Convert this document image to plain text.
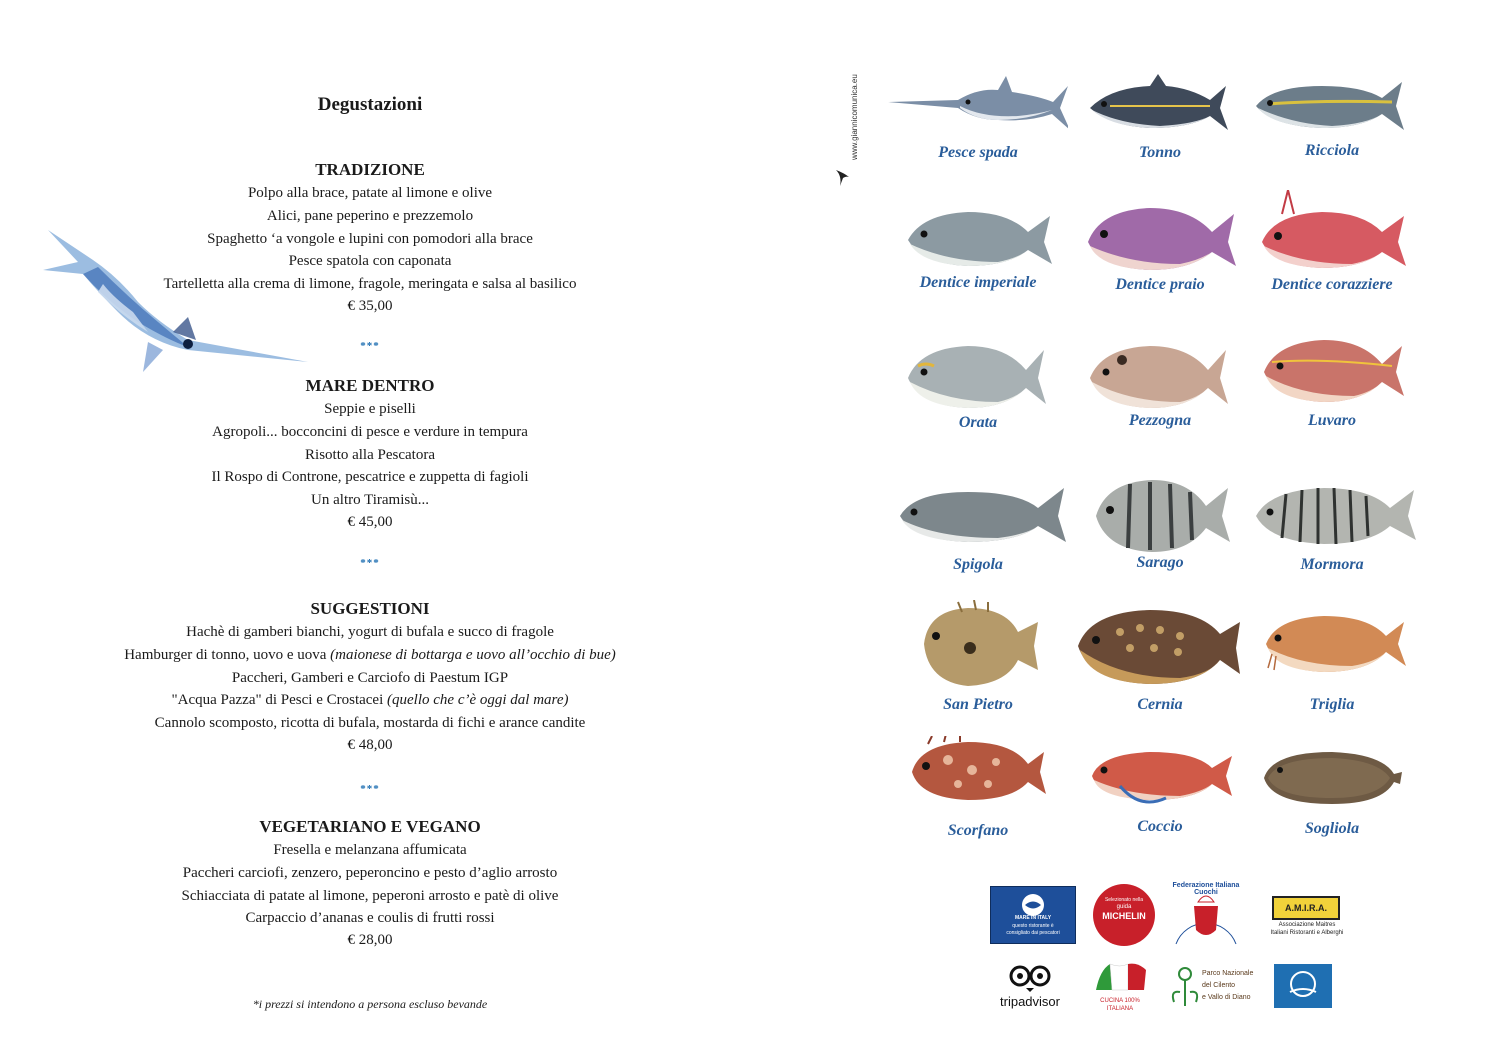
Degustazioni
TRADIZIONE
Polpo alla brace, patate al limone e olive
Alici, pane peperino e prezzemolo
Spaghetto ‘a vongole e lupini con pomodori alla brace
Pesce spatola con caponata
Tartelletta alla crema di limone, fragole, meringata e salsa al basilico
€ 35,00
***
MARE DENTRO
Seppie e piselli
Agropoli... bocconcini di pesce e verdure in tempura
Risotto alla Pescatora
Il Rospo di Controne, pescatrice e zuppetta di fagioli
Un altro Tiramisù...
€ 45,00
***
SUGGESTIONI
Hachè di gamberi bianchi, yogurt di bufala e succo di fragole
Hamburger di tonno, uovo e uova (maionese di bottarga e uovo all’occhio di bue)
Paccheri, Gamberi e Carciofo di Paestum IGP
"Acqua Pazza" di Pesci e Crostacei (quello che c’è oggi dal mare)
Cannolo scomposto, ricotta di bufala, mostarda di fichi e arance candite
€ 48,00
***
VEGETARIANO E VEGANO
Fresella e melanzana affumicata
Paccheri carciofi, zenzero, peperoncino e pesto d’aglio arrosto
Schiacciata di patate al limone, peperoni arrosto e patè di olive
Carpaccio d’ananas e coulis di frutti rossi
€ 28,00
*i prezzi si intendono a persona escluso bevande
www.giannicomunica.eu	Pesce spada	Tonno	Ricciola
Dentice imperiale	Dentice praio	Dentice corazziere
Orata	Pezzogna	Luvaro
Spigola	Sarago	Mormora
San Pietro	Cernia	Triglia
Scorfano	Coccio	Sogliola
MARE IN ITALY
questo ristorante è
consigliato dai pescatori
Selezionato nella
guida
MICHELIN
Federazione Italiana Cuochi
A.M.I.R.A.
Associazione Maitres
Italiani Ristoranti e Alberghi
tripadvisor	CUCINA 100%
ITALIANA
Parco Nazionale
del Cilento
e Vallo di Diano
